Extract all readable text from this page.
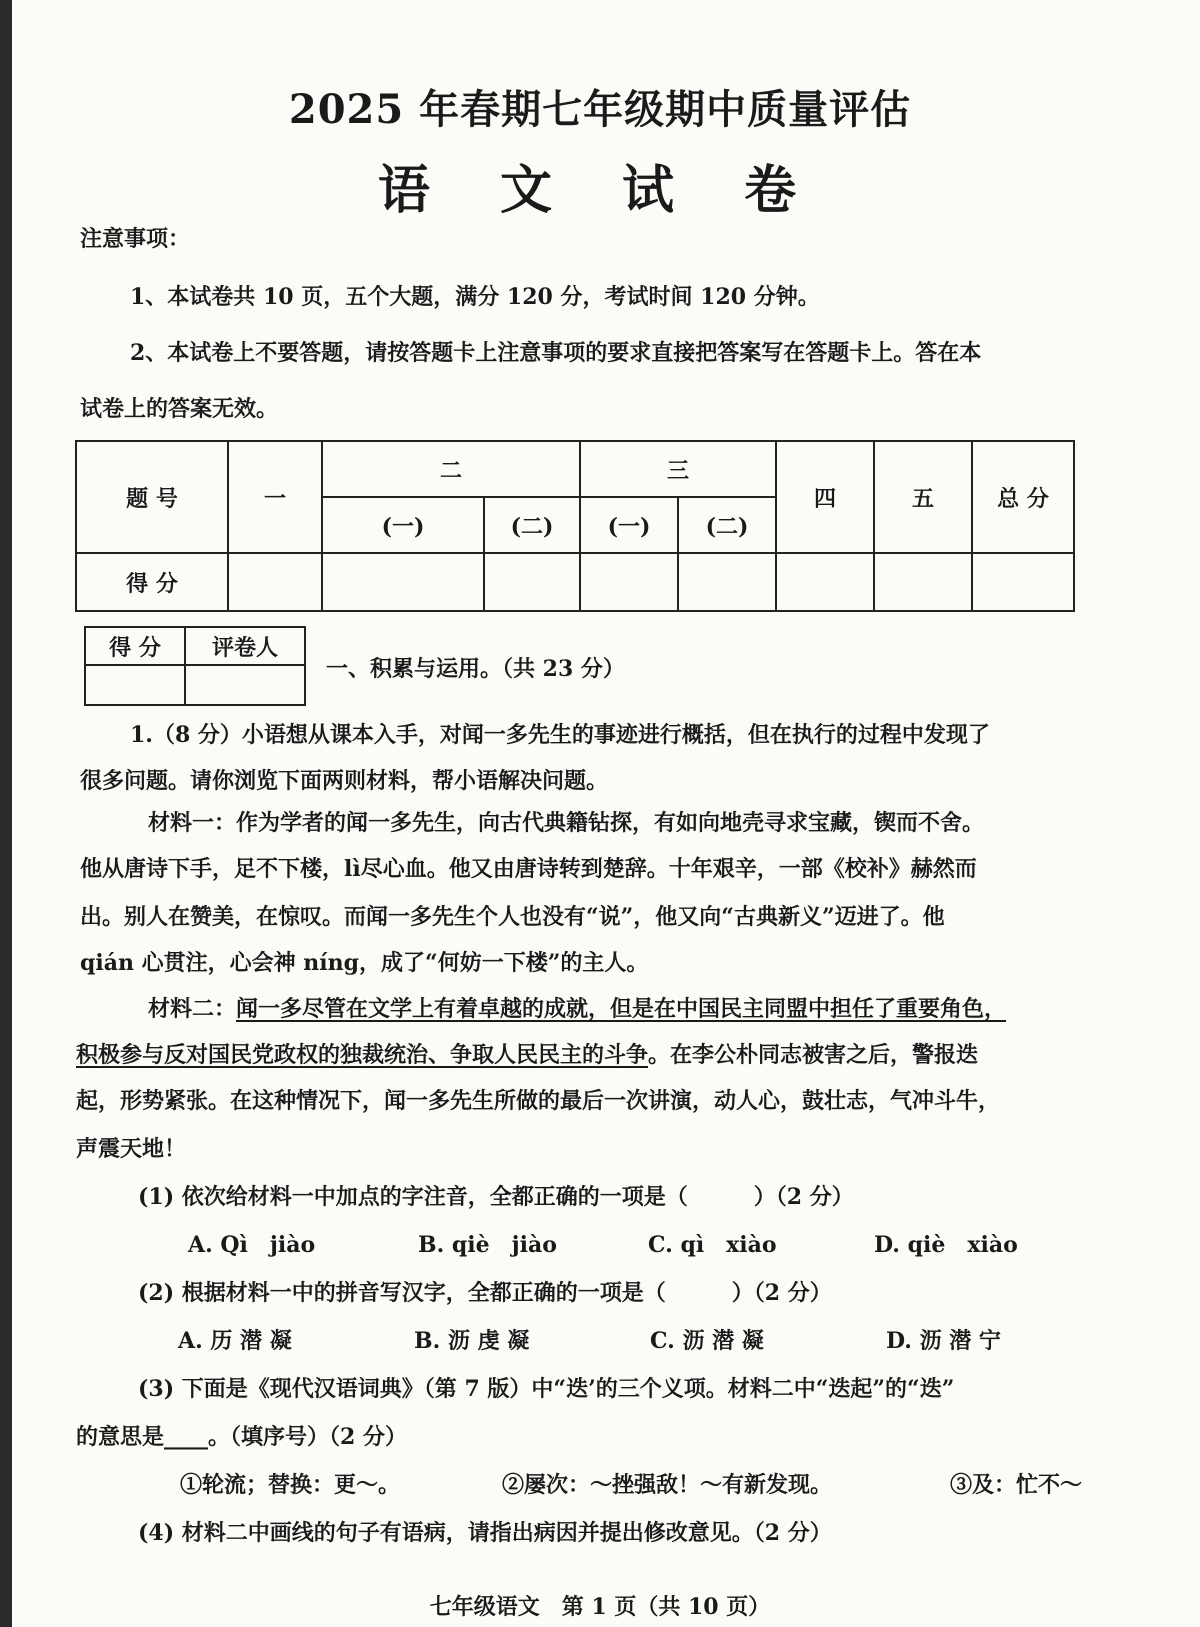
2025 年春期七年级期中质量评估
语 文 试 卷
注意事项：
1、本试卷共 10 页，五个大题，满分 120 分，考试时间 120 分钟。
2、本试卷上不要答题，请按答题卡上注意事项的要求直接把答案写在答题卡上。答在本
试卷上的答案无效。
题 号	一	二		三		四	五	总 分
		(一)	(二)	(一)	(二)			
得 分								
得 分	评卷人

一、积累与运用。（共 23 分）
1.（8 分）小语想从课本入手，对闻一多先生的事迹进行概括，但在执行的过程中发现了
很多问题。请你浏览下面两则材料，帮小语解决问题。
材料一：作为学者的闻一多先生，向古代典籍钻探，有如向地壳寻求宝藏，锲而不舍。
他从唐诗下手，足不下楼，lì尽心血。他又由唐诗转到楚辞。十年艰辛，一部《校补》赫然而
出。别人在赞美，在惊叹。而闻一多先生个人也没有“说”，他又向“古典新义”迈进了。他
qián 心贯注，心会神 níng，成了“何妨一下楼”的主人。
材料二：闻一多尽管在文学上有着卓越的成就，但是在中国民主同盟中担任了重要角色，
积极参与反对国民党政权的独裁统治、争取人民民主的斗争。在李公朴同志被害之后，警报迭
起，形势紧张。在这种情况下，闻一多先生所做的最后一次讲演，动人心，鼓壮志，气冲斗牛，
声震天地！
(1) 依次给材料一中加点的字注音，全都正确的一项是（　　　）（2 分）
A. Qì　jiào	B. qiè　jiào	C. qì　xiào	D. qiè　xiào
(2) 根据材料一中的拼音写汉字，全都正确的一项是（　　　）（2 分）
A. 历 潜 凝	B. 沥 虔 凝	C. 沥 潜 凝	D. 沥 潜 宁
(3) 下面是《现代汉语词典》（第 7 版）中“迭’的三个义项。材料二中“迭起”的“迭”
的意思是____。（填序号）（2 分）
①轮流；替换：更～。	②屡次：～挫强敌！～有新发现。	③及：忙不～
(4) 材料二中画线的句子有语病，请指出病因并提出修改意见。（2 分）
七年级语文　第 1 页（共 10 页）
